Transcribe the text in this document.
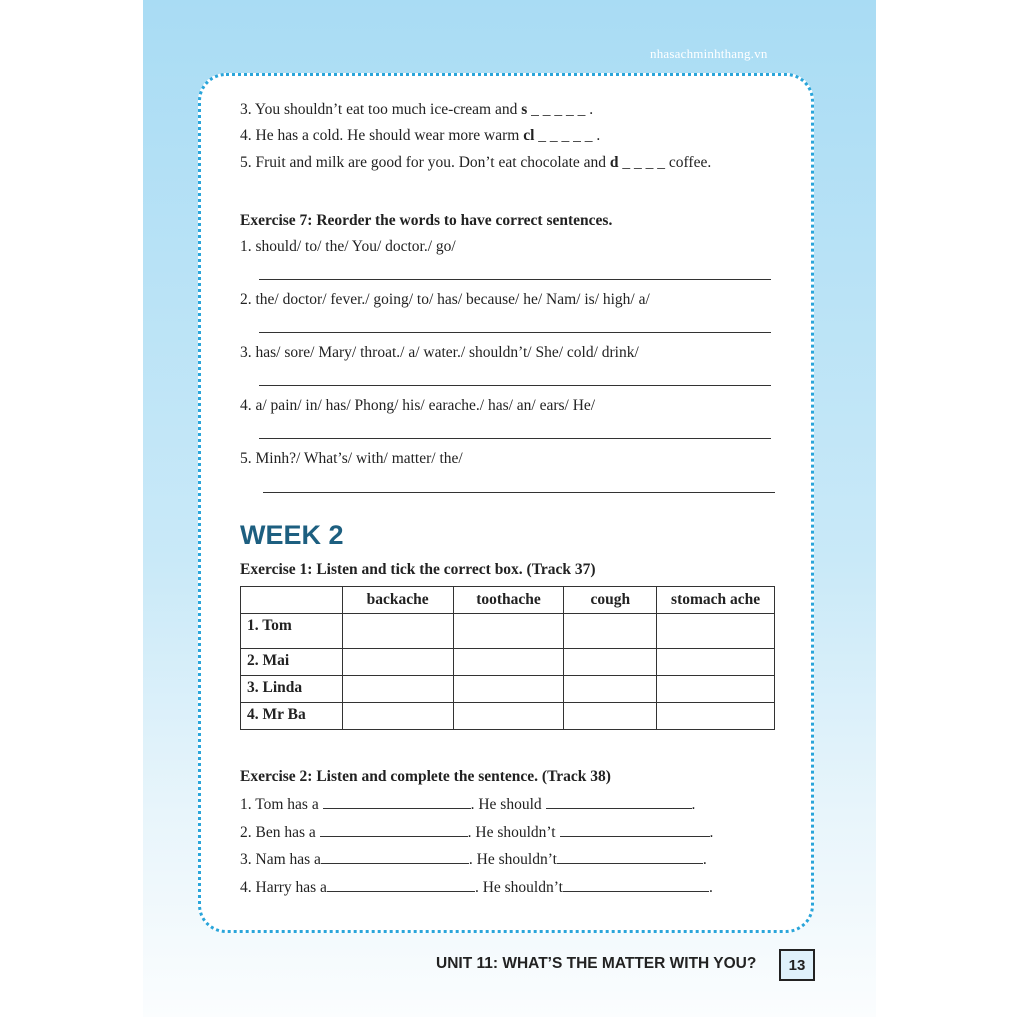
nhasachminhthang.vn
3. You shouldn’t eat too much ice-cream and s _ _ _ _ _ .
4. He has a cold. He should wear more warm cl _ _ _ _ _ .
5. Fruit and milk are good for you. Don’t eat chocolate and d _ _ _ _ coffee.
Exercise 7: Reorder the words to have correct sentences.
1. should/ to/ the/ You/ doctor./ go/
2. the/ doctor/ fever./ going/ to/ has/ because/ he/ Nam/ is/ high/ a/
3. has/ sore/ Mary/ throat./ a/ water./ shouldn’t/ She/ cold/ drink/
4. a/ pain/ in/ has/ Phong/ his/ earache./ has/ an/ ears/ He/
5. Minh?/ What’s/ with/ matter/ the/
WEEK 2
Exercise 1: Listen and tick the correct box. (Track 37)
	backache	toothache	cough	stomach ache
1. Tom				
2. Mai				
3. Linda				
4. Mr Ba				
Exercise 2: Listen and complete the sentence. (Track 38)
1. Tom has a	. He should	.
2. Ben has a	. He shouldn’t	.
3. Nam has a	. He shouldn’t	.
4. Harry has a	. He shouldn’t	.
UNIT 11: WHAT’S THE MATTER WITH YOU?	13
